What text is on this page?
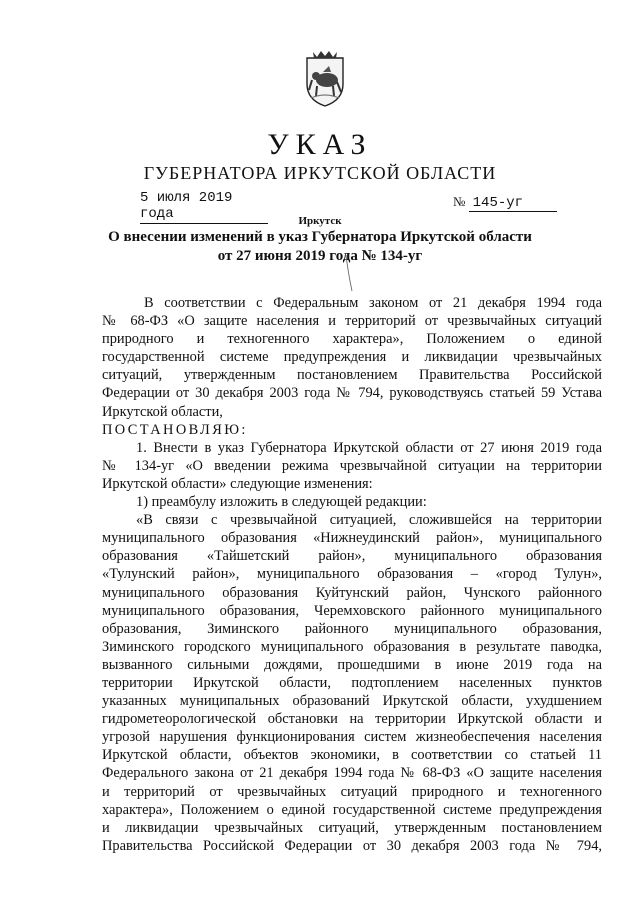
УКАЗ
ГУБЕРНАТОРА ИРКУТСКОЙ ОБЛАСТИ
5 июля 2019 года
№ 145-уг
Иркутск
О внесении изменений в указ Губернатора Иркутской области
от 27 июня 2019 года № 134-уг
В соответствии с Федеральным законом от 21 декабря 1994 года
№ 68-ФЗ «О защите населения и территорий от чрезвычайных ситуаций
природного и техногенного характера», Положением о единой
государственной системе предупреждения и ликвидации чрезвычайных
ситуаций, утвержденным постановлением Правительства Российской
Федерации от 30 декабря 2003 года № 794, руководствуясь статьей 59 Устава
Иркутской области,
ПОСТАНОВЛЯЮ:
1. Внести в указ Губернатора Иркутской области от 27 июня 2019 года
№ 134-уг «О введении режима чрезвычайной ситуации на территории
Иркутской области» следующие изменения:
1) преамбулу изложить в следующей редакции:
«В связи с чрезвычайной ситуацией, сложившейся на территории
муниципального образования «Нижнеудинский район», муниципального
образования «Тайшетский район», муниципального образования
«Тулунский район», муниципального образования – «город Тулун»,
муниципального образования Куйтунский район, Чунского районного
муниципального образования, Черемховского районного муниципального
образования, Зиминского районного муниципального образования,
Зиминского городского муниципального образования в результате паводка,
вызванного сильными дождями, прошедшими в июне 2019 года на
территории Иркутской области, подтоплением населенных пунктов
указанных муниципальных образований Иркутской области, ухудшением
гидрометеорологической обстановки на территории Иркутской области и
угрозой нарушения функционирования систем жизнеобеспечения населения
Иркутской области, объектов экономики, в соответствии со статьей 11
Федерального закона от 21 декабря 1994 года № 68-ФЗ «О защите населения
и территорий от чрезвычайных ситуаций природного и техногенного
характера», Положением о единой государственной системе предупреждения
и ликвидации чрезвычайных ситуаций, утвержденным постановлением
Правительства Российской Федерации от 30 декабря 2003 года № 794,
